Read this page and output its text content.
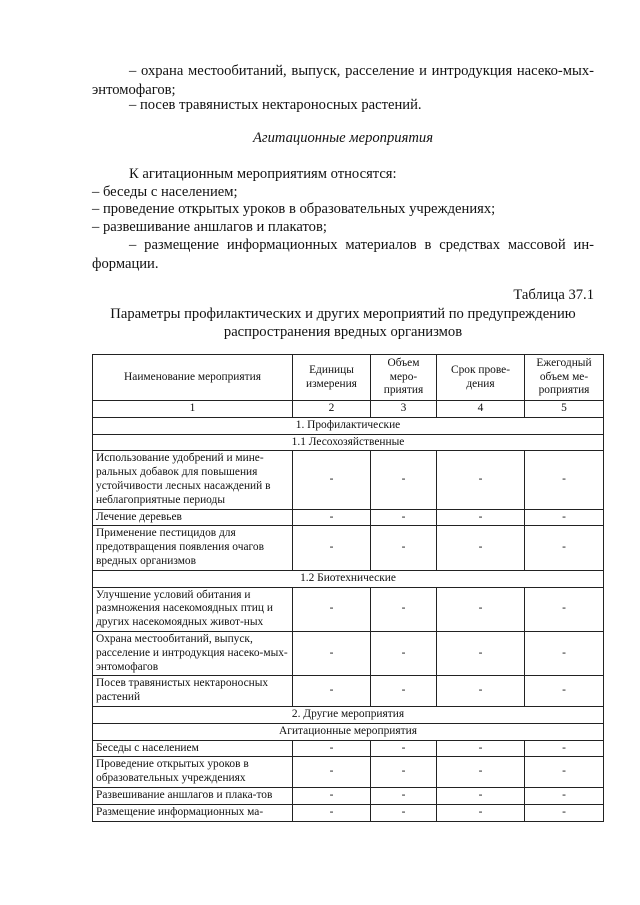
– охрана местообитаний, выпуск, расселение и интродукция насеко-мых-энтомофагов;
– посев травянистых нектароносных растений.
Агитационные мероприятия
К агитационным мероприятиям относятся:
– беседы с населением;
– проведение открытых уроков в образовательных учреждениях;
– развешивание аншлагов и плакатов;
– размещение информационных материалов в средствах массовой ин-формации.
Таблица 37.1
Параметры профилактических и других мероприятий по предупреждению распространения вредных организмов
Наименование мероприятия	Единицы измерения	Объем меро-приятия	Срок прове-дения	Ежегодный объем ме-роприятия
1	2	3	4	5
1. Профилактические				
1.1 Лесохозяйственные				
Использование удобрений и мине-ральных добавок для повышения устойчивости лесных насаждений в неблагоприятные периоды	-	-	-	-
Лечение деревьев	-	-	-	-
Применение пестицидов для предотвращения появления очагов вредных организмов	-	-	-	-
1.2 Биотехнические				
Улучшение условий обитания и размножения насекомоядных птиц и других насекомоядных живот-ных	-	-	-	-
Охрана местообитаний, выпуск, расселение и интродукция насеко-мых-энтомофагов	-	-	-	-
Посев травянистых нектароносных растений	-	-	-	-
2. Другие мероприятия				
Агитационные мероприятия				
Беседы с населением	-	-	-	-
Проведение открытых уроков в образовательных учреждениях	-	-	-	-
Развешивание аншлагов и плака-тов	-	-	-	-
Размещение информационных ма-	-	-	-	-
